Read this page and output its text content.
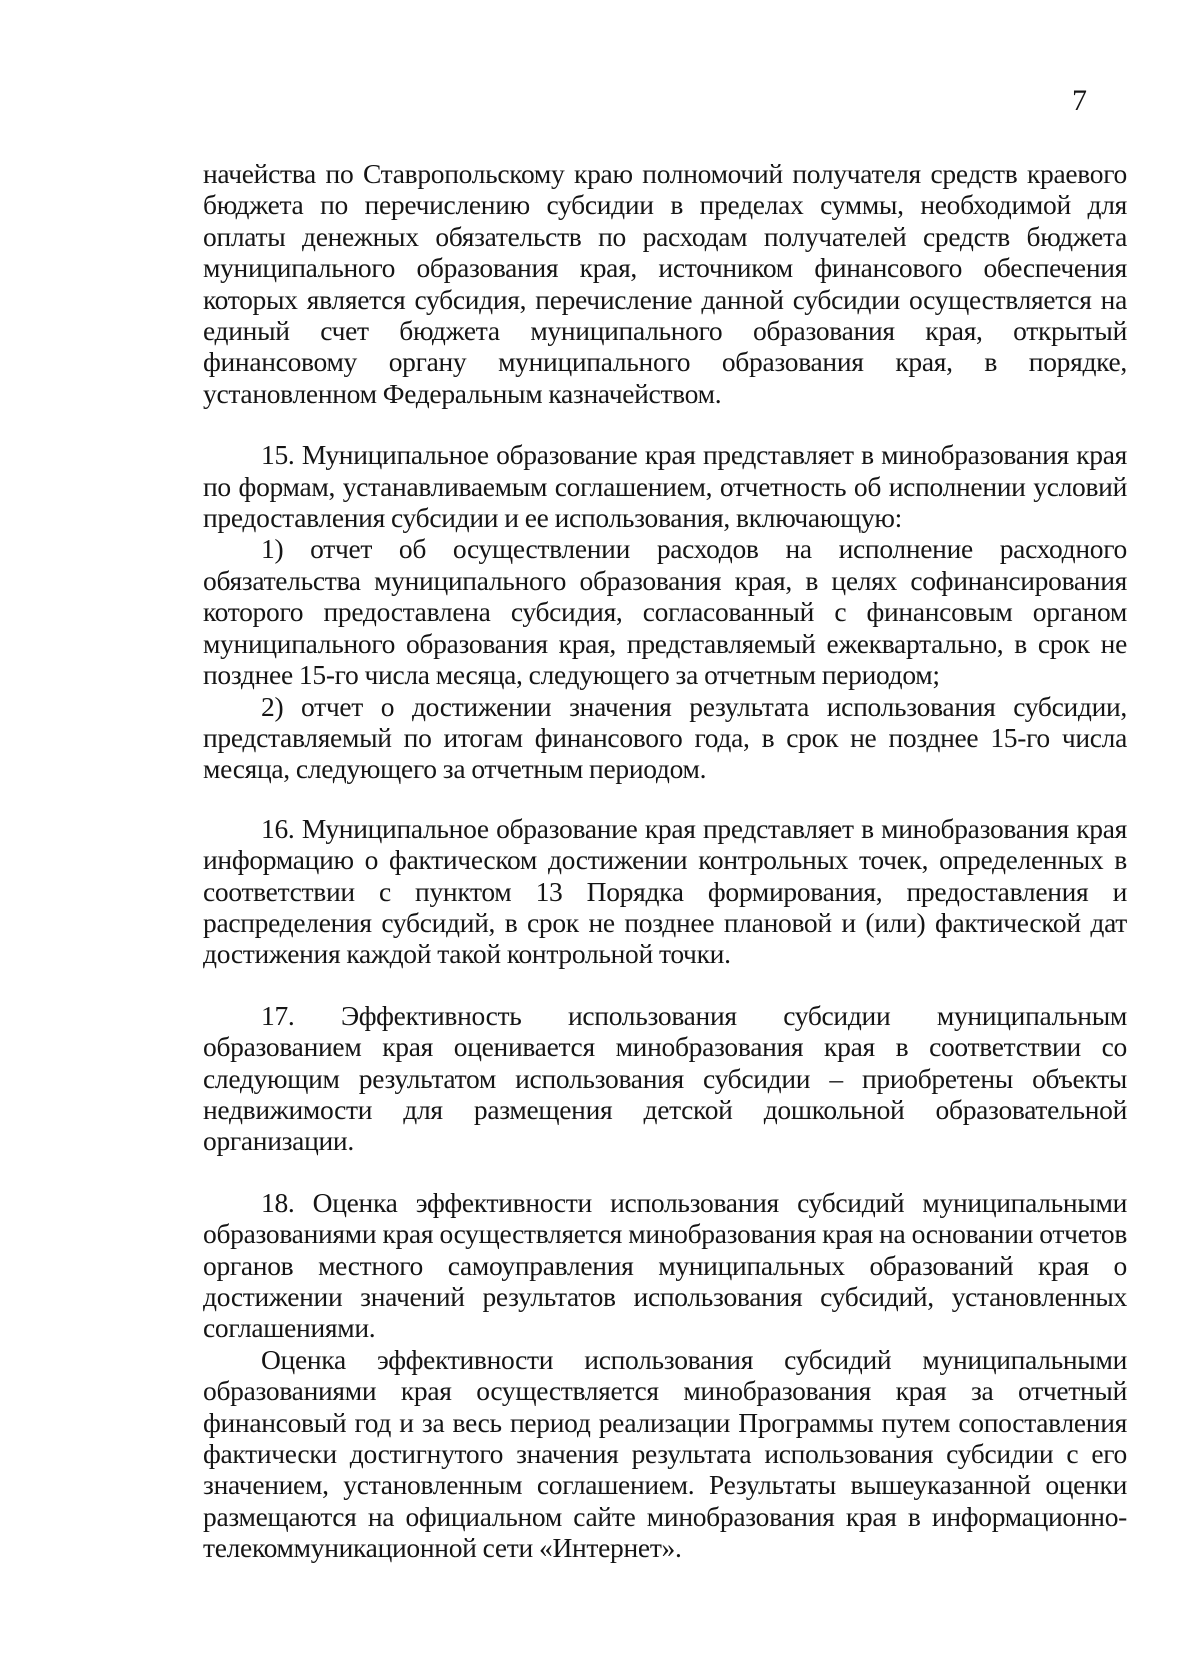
7

начейства по Ставропольскому краю полномочий получателя средств краевого бюджета по перечислению субсидии в пределах суммы, необходимой для оплаты денежных обязательств по расходам получателей средств бюджета муниципального образования края, источником финансового обеспечения которых является субсидия, перечисление данной субсидии осуществляется на единый счет бюджета муниципального образования края, открытый финансовому органу муниципального образования края, в порядке, установленном Федеральным казначейством.

15. Муниципальное образование края представляет в минобразования края по формам, устанавливаемым соглашением, отчетность об исполнении условий предоставления субсидии и ее использования, включающую:

1) отчет об осуществлении расходов на исполнение расходного обязательства муниципального образования края, в целях софинансирования которого предоставлена субсидия, согласованный с финансовым органом муниципального образования края, представляемый ежеквартально, в срок не позднее 15-го числа месяца, следующего за отчетным периодом;

2) отчет о достижении значения результата использования субсидии, представляемый по итогам финансового года, в срок не позднее 15-го числа месяца, следующего за отчетным периодом.

16. Муниципальное образование края представляет в минобразования края информацию о фактическом достижении контрольных точек, определенных в соответствии с пунктом 13 Порядка формирования, предоставления и распределения субсидий, в срок не позднее плановой и (или) фактической дат достижения каждой такой контрольной точки.

17. Эффективность использования субсидии муниципальным образованием края оценивается минобразования края в соответствии со следующим результатом использования субсидии – приобретены объекты недвижимости для размещения детской дошкольной образовательной организации.

18. Оценка эффективности использования субсидий муниципальными образованиями края осуществляется минобразования края на основании отчетов органов местного самоуправления муниципальных образований края о достижении значений результатов использования субсидий, установленных соглашениями.

Оценка эффективности использования субсидий муниципальными образованиями края осуществляется минобразования края за отчетный финансовый год и за весь период реализации Программы путем сопоставления фактически достигнутого значения результата использования субсидии с его значением, установленным соглашением. Результаты вышеуказанной оценки размещаются на официальном сайте минобразования края в информационно-телекоммуникационной сети «Интернет».
